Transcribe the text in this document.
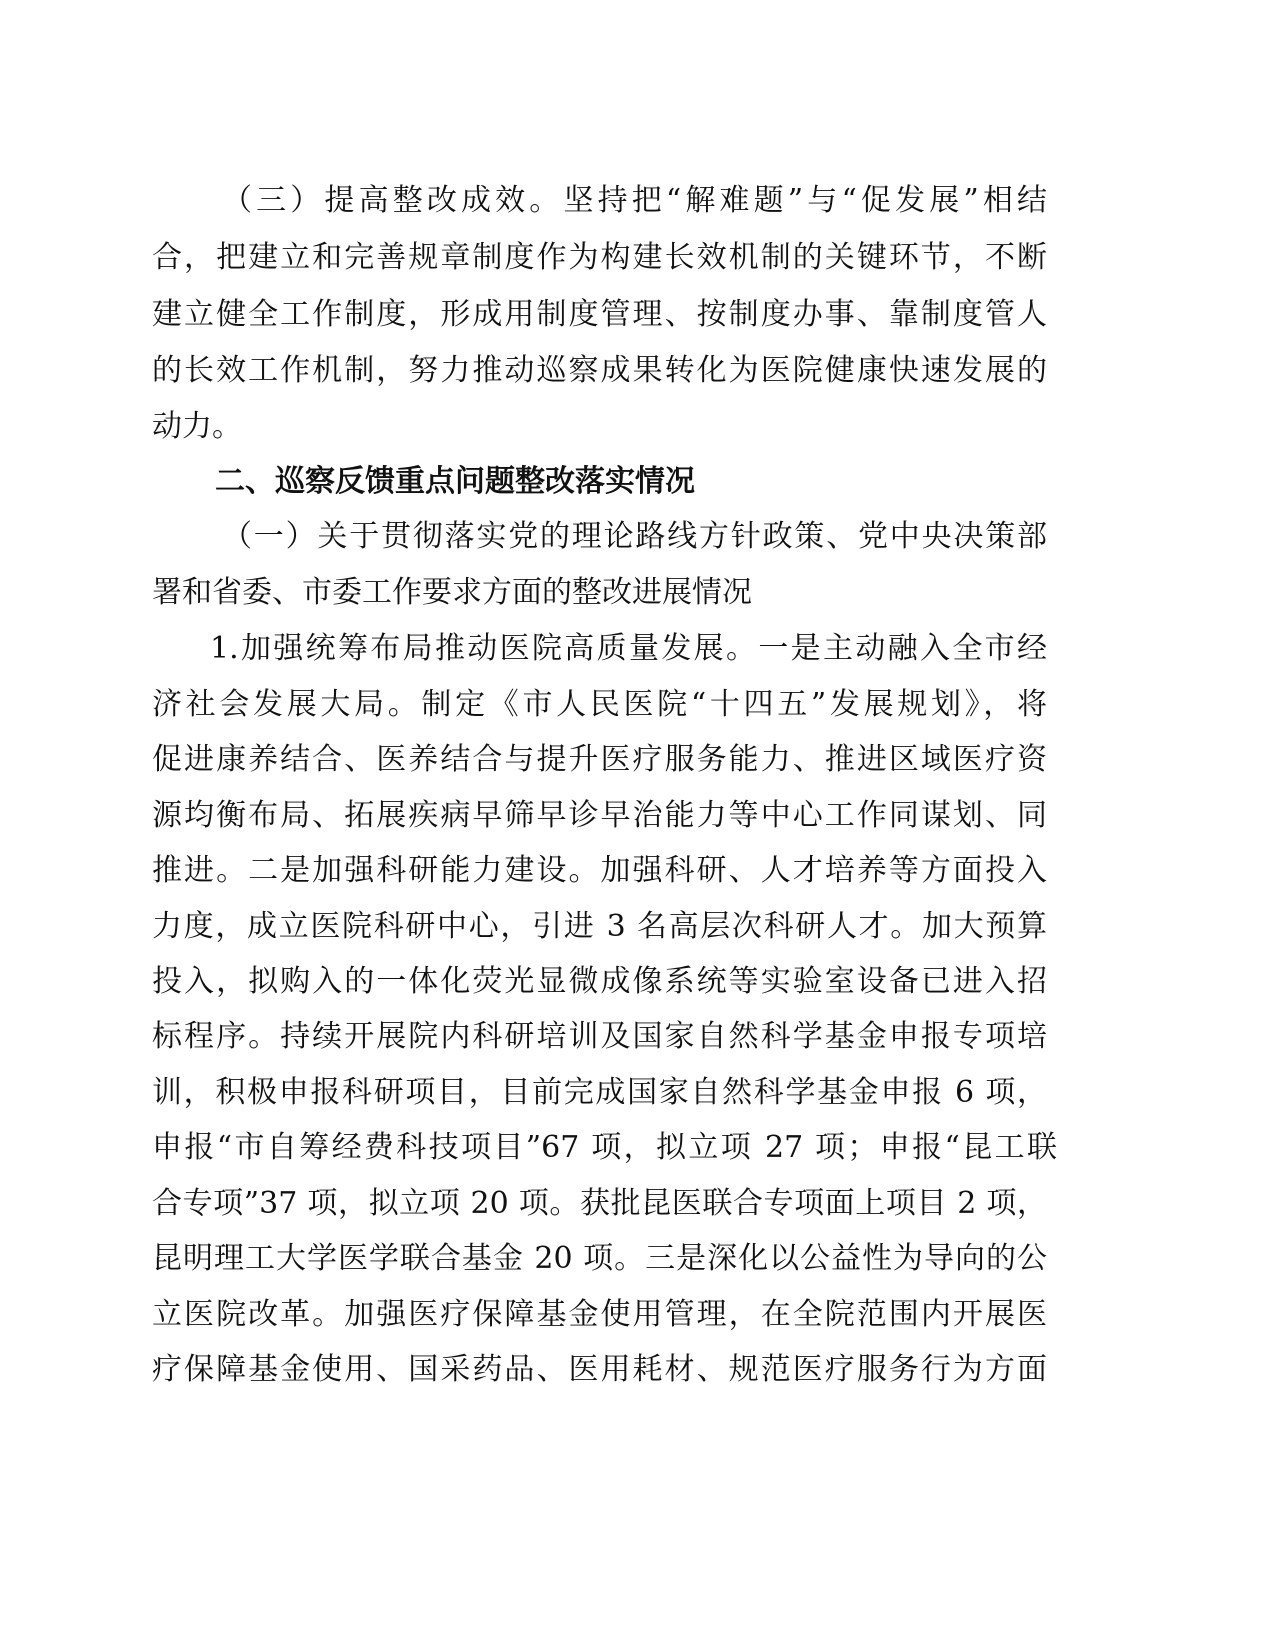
（三）提高整改成效。坚持把“解难题”与“促发展”相结
合，把建立和完善规章制度作为构建长效机制的关键环节，不断
建立健全工作制度，形成用制度管理、按制度办事、靠制度管人
的长效工作机制，努力推动巡察成果转化为医院健康快速发展的
动力。
二、巡察反馈重点问题整改落实情况
（一）关于贯彻落实党的理论路线方针政策、党中央决策部
署和省委、市委工作要求方面的整改进展情况
1.加强统筹布局推动医院高质量发展。一是主动融入全市经
济社会发展大局。制定《市人民医院“十四五”发展规划》，将
促进康养结合、医养结合与提升医疗服务能力、推进区域医疗资
源均衡布局、拓展疾病早筛早诊早治能力等中心工作同谋划、同
推进。二是加强科研能力建设。加强科研、人才培养等方面投入
力度，成立医院科研中心，引进 3 名高层次科研人才。加大预算
投入，拟购入的一体化荧光显微成像系统等实验室设备已进入招
标程序。持续开展院内科研培训及国家自然科学基金申报专项培
训，积极申报科研项目，目前完成国家自然科学基金申报 6 项，
申报“市自筹经费科技项目”67 项，拟立项 27 项；申报“昆工联
合专项”37 项，拟立项 20 项。获批昆医联合专项面上项目 2 项，
昆明理工大学医学联合基金 20 项。三是深化以公益性为导向的公
立医院改革。加强医疗保障基金使用管理，在全院范围内开展医
疗保障基金使用、国采药品、医用耗材、规范医疗服务行为方面
